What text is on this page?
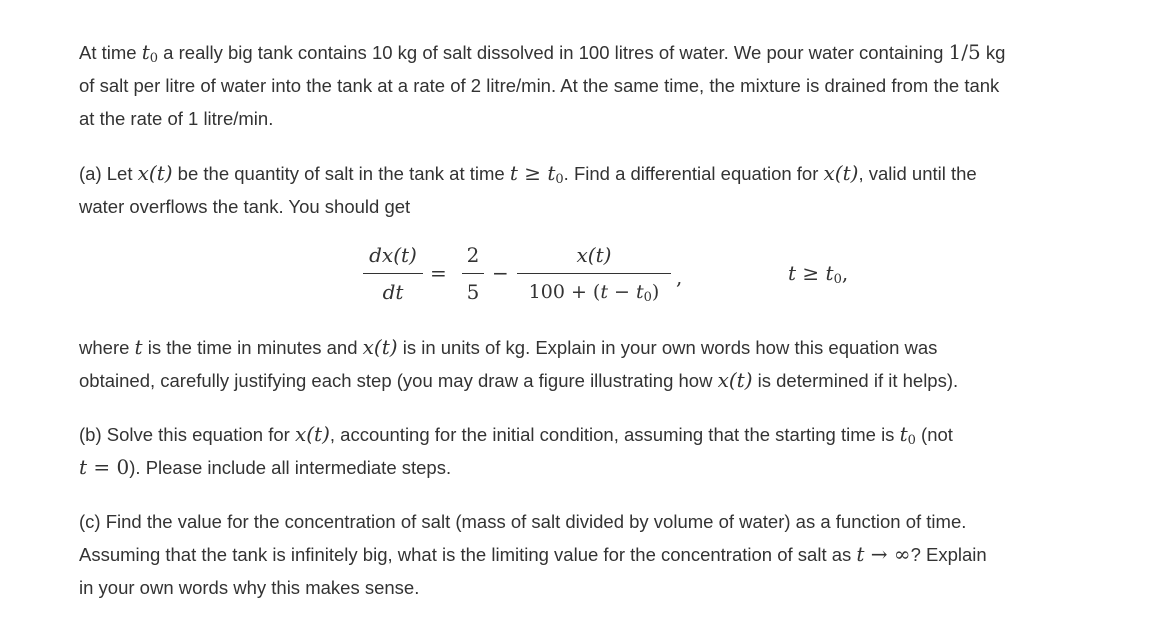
At time $t_0$ a really big tank contains 10 kg of salt dissolved in 100 litres of water. We pour water containing 1/5 kg
of salt per litre of water into the tank at a rate of 2 litre/min. At the same time, the mixture is drained from the tank
at the rate of 1 litre/min.

(a) Let x(t) be the quantity of salt in the tank at time $t \ge t_0$. Find a differential equation for x(t), valid until the
water overflows the tank. You should get

dx(t)
dt
=
2
5
−
x(t)
$100 + (t - t_0)$
,	$t \ge t_0$,

where t is the time in minutes and x(t) is in units of kg. Explain in your own words how this equation was
obtained, carefully justifying each step (you may draw a figure illustrating how x(t) is determined if it helps).

(b) Solve this equation for x(t), accounting for the initial condition, assuming that the starting time is $t_0$ (not
t = 0). Please include all intermediate steps.

(c) Find the value for the concentration of salt (mass of salt divided by volume of water) as a function of time.
Assuming that the tank is infinitely big, what is the limiting value for the concentration of salt as t → ∞? Explain
in your own words why this makes sense.
